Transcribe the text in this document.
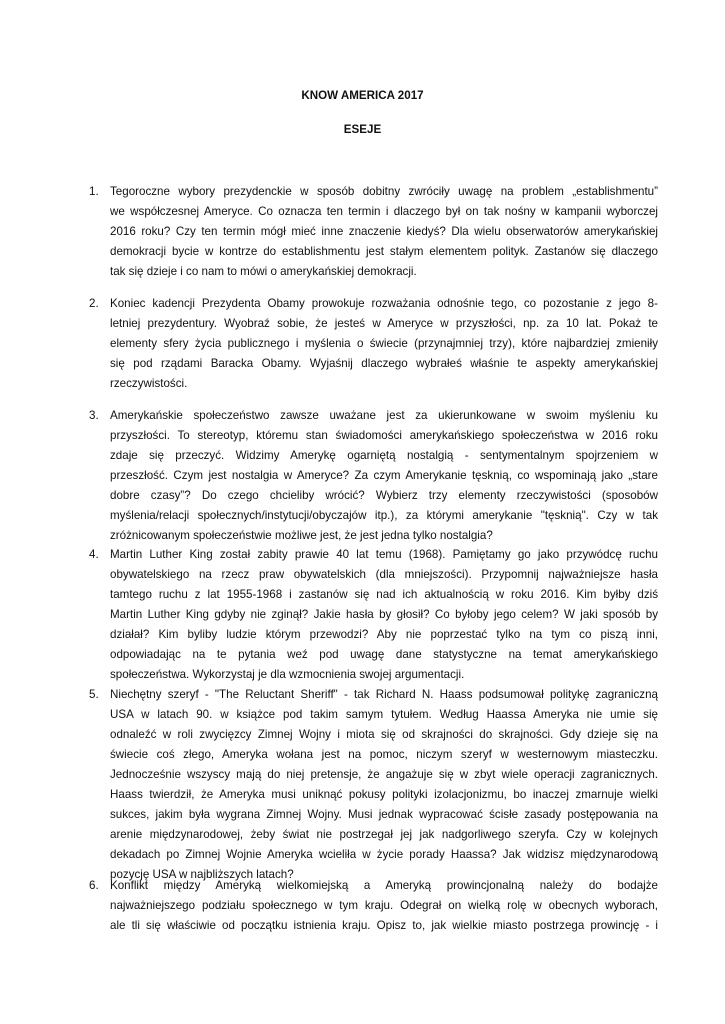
KNOW AMERICA 2017
ESEJE
1. Tegoroczne wybory prezydenckie w sposób dobitny zwróciły uwagę na problem „establishmentu”
we współczesnej Ameryce. Co oznacza ten termin i dlaczego był on tak nośny w kampanii wyborczej
2016 roku? Czy ten termin mógł mieć inne znaczenie kiedyś? Dla wielu obserwatorów amerykańskiej
demokracji bycie w kontrze do establishmentu jest stałym elementem polityk. Zastanów się dlaczego
tak się dzieje i co nam to mówi o amerykańskiej demokracji.
2. Koniec kadencji Prezydenta Obamy prowokuje rozważania odnośnie tego, co pozostanie z jego 8-
letniej prezydentury. Wyobraź sobie, że jesteś w Ameryce w przyszłości, np. za 10 lat. Pokaż te
elementy sfery życia publicznego i myślenia o świecie (przynajmniej trzy), które najbardziej zmieniły
się pod rządami Baracka Obamy. Wyjaśnij dlaczego wybrałeś właśnie te aspekty amerykańskiej
rzeczywistości.
3. Amerykańskie społeczeństwo zawsze uważane jest za ukierunkowane w swoim myśleniu ku
przyszłości. To stereotyp, któremu stan świadomości amerykańskiego społeczeństwa w 2016 roku
zdaje się przeczyć. Widzimy Amerykę ogarniętą nostalgią - sentymentalnym spojrzeniem w
przeszłość. Czym jest nostalgia w Ameryce? Za czym Amerykanie tęsknią, co wspominają jako „stare
dobre czasy”? Do czego chcieliby wrócić? Wybierz trzy elementy rzeczywistości (sposobów
myślenia/relacji społecznych/instytucji/obyczajów itp.), za którymi amerykanie "tęsknią". Czy w tak
zróżnicowanym społeczeństwie możliwe jest, że jest jedna tylko nostalgia?
4. Martin Luther King został zabity prawie 40 lat temu (1968). Pamiętamy go jako przywódcę ruchu
obywatelskiego na rzecz praw obywatelskich (dla mniejszości). Przypomnij najważniejsze hasła
tamtego ruchu z lat 1955-1968 i zastanów się nad ich aktualnością w roku 2016. Kim byłby dziś
Martin Luther King gdyby nie zginął? Jakie hasła by głosił? Co byłoby jego celem? W jaki sposób by
działał? Kim byliby ludzie którym przewodzi? Aby nie poprzestać tylko na tym co piszą inni,
odpowiadając na te pytania weź pod uwagę dane statystyczne na temat amerykańskiego
społeczeństwa. Wykorzystaj je dla wzmocnienia swojej argumentacji.
5. Niechętny szeryf - "The Reluctant Sheriff" - tak Richard N. Haass podsumował politykę zagraniczną
USA w latach 90. w książce pod takim samym tytułem. Według Haassa Ameryka nie umie się
odnaleźć w roli zwycięzcy Zimnej Wojny i miota się od skrajności do skrajności. Gdy dzieje się na
świecie coś złego, Ameryka wołana jest na pomoc, niczym szeryf w westernowym miasteczku.
Jednocześnie wszyscy mają do niej pretensje, że angażuje się w zbyt wiele operacji zagranicznych.
Haass twierdził, że Ameryka musi uniknąć pokusy polityki izolacjonizmu, bo inaczej zmarnuje wielki
sukces, jakim była wygrana Zimnej Wojny. Musi jednak wypracować ścisłe zasady postępowania na
arenie międzynarodowej, żeby świat nie postrzegał jej jak nadgorliwego szeryfa. Czy w kolejnych
dekadach po Zimnej Wojnie Ameryka wcieliła w życie porady Haassa? Jak widzisz międzynarodową
pozycję USA w najbliższych latach?
6. Konflikt między Ameryką wielkomiejską a Ameryką prowincjonalną należy do bodajże
najważniejszego podziału społecznego w tym kraju. Odegrał on wielką rolę w obecnych wyborach,
ale tli się właściwie od początku istnienia kraju. Opisz to, jak wielkie miasto postrzega prowincję - i
